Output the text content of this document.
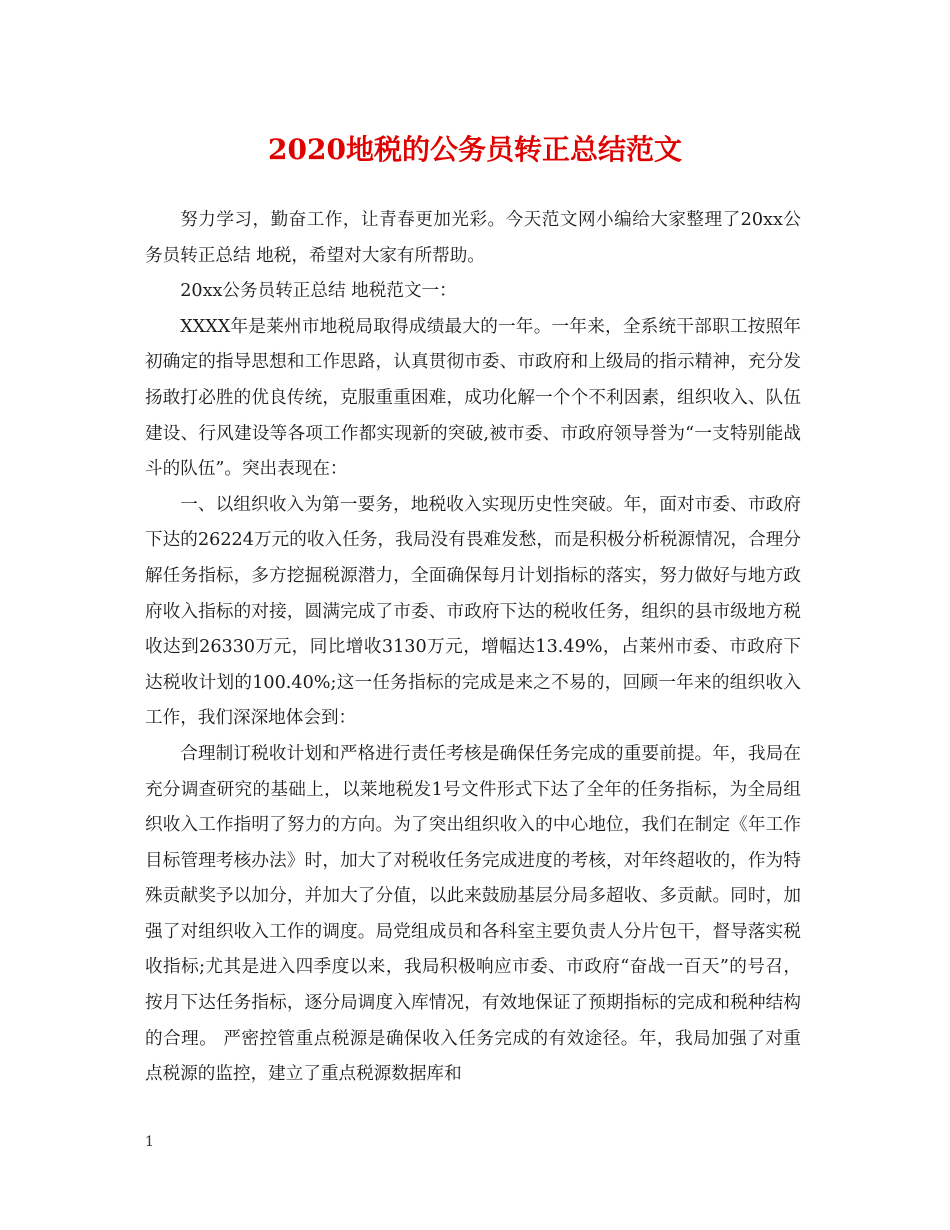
2020地税的公务员转正总结范文

努力学习，勤奋工作，让青春更加光彩。今天范文网小编给大家整理了20xx公务员转正总结 地税，希望对大家有所帮助。

20xx公务员转正总结 地税范文一：

XXXX年是莱州市地税局取得成绩最大的一年。一年来，全系统干部职工按照年初确定的指导思想和工作思路，认真贯彻市委、市政府和上级局的指示精神，充分发扬敢打必胜的优良传统，克服重重困难，成功化解一个个不利因素，组织收入、队伍建设、行风建设等各项工作都实现新的突破,被市委、市政府领导誉为“一支特别能战斗的队伍”。突出表现在：

一、以组织收入为第一要务，地税收入实现历史性突破。年，面对市委、市政府下达的26224万元的收入任务，我局没有畏难发愁，而是积极分析税源情况，合理分解任务指标，多方挖掘税源潜力，全面确保每月计划指标的落实，努力做好与地方政府收入指标的对接，圆满完成了市委、市政府下达的税收任务，组织的县市级地方税收达到26330万元，同比增收3130万元，增幅达13.49%，占莱州市委、市政府下达税收计划的100.40%;这一任务指标的完成是来之不易的，回顾一年来的组织收入工作，我们深深地体会到：

合理制订税收计划和严格进行责任考核是确保任务完成的重要前提。年，我局在充分调查研究的基础上，以莱地税发1号文件形式下达了全年的任务指标，为全局组织收入工作指明了努力的方向。为了突出组织收入的中心地位，我们在制定《年工作目标管理考核办法》时，加大了对税收任务完成进度的考核，对年终超收的，作为特殊贡献奖予以加分，并加大了分值，以此来鼓励基层分局多超收、多贡献。同时，加强了对组织收入工作的调度。局党组成员和各科室主要负责人分片包干，督导落实税收指标;尤其是进入四季度以来，我局积极响应市委、市政府“奋战一百天”的号召，按月下达任务指标，逐分局调度入库情况，有效地保证了预期指标的完成和税种结构的合理。 严密控管重点税源是确保收入任务完成的有效途径。年，我局加强了对重点税源的监控，建立了重点税源数据库和

1
